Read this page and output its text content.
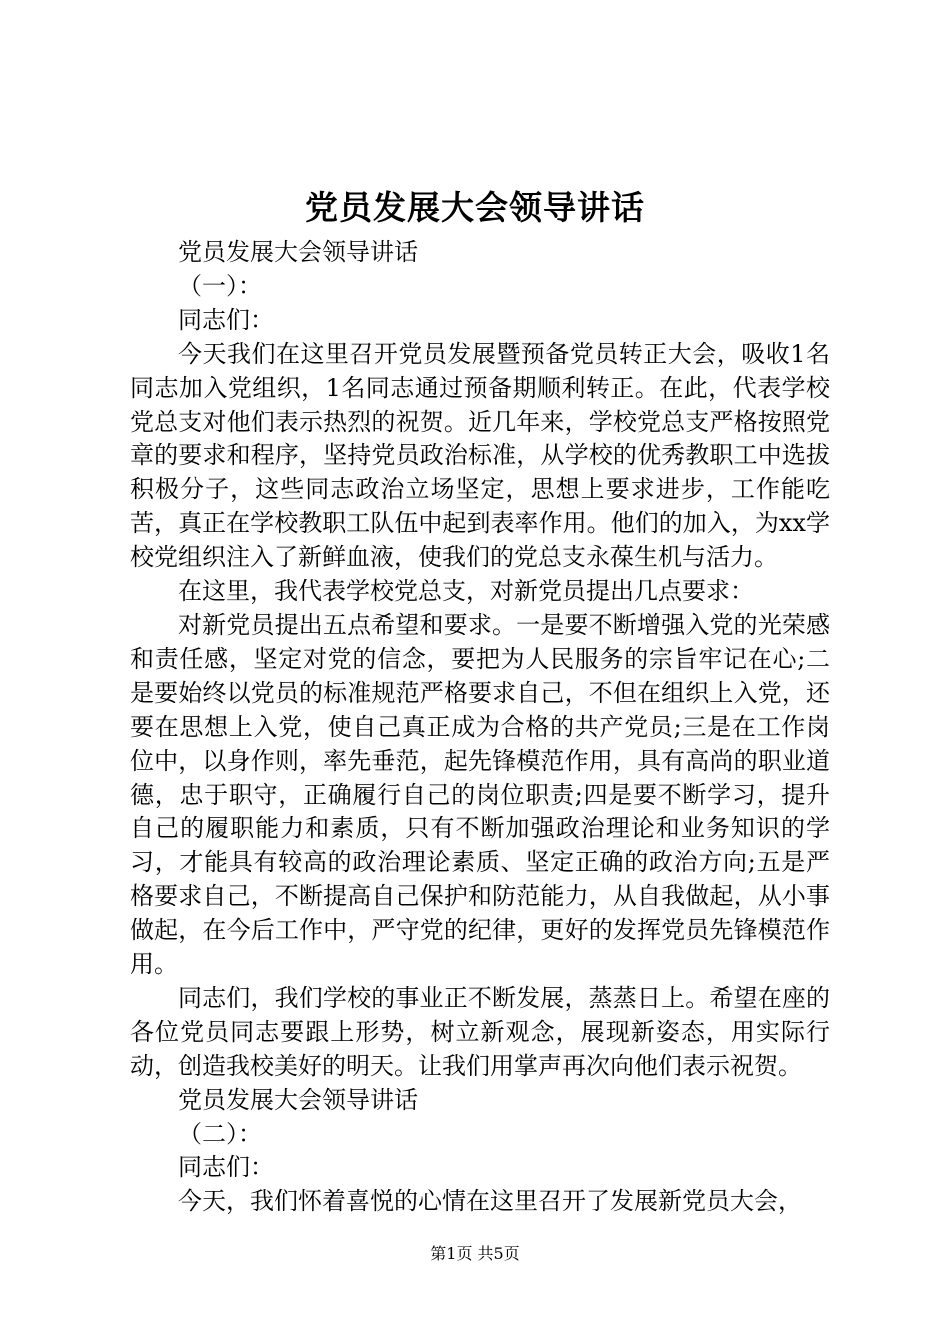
党员发展大会领导讲话

党员发展大会领导讲话

（一）：

同志们：

今天我们在这里召开党员发展暨预备党员转正大会，吸收1名同志加入党组织，1名同志通过预备期顺利转正。在此，代表学校党总支对他们表示热烈的祝贺。近几年来，学校党总支严格按照党章的要求和程序，坚持党员政治标准，从学校的优秀教职工中选拔积极分子，这些同志政治立场坚定，思想上要求进步，工作能吃苦，真正在学校教职工队伍中起到表率作用。他们的加入，为xx学校党组织注入了新鲜血液，使我们的党总支永葆生机与活力。

在这里，我代表学校党总支，对新党员提出几点要求：

对新党员提出五点希望和要求。一是要不断增强入党的光荣感和责任感，坚定对党的信念，要把为人民服务的宗旨牢记在心;二是要始终以党员的标准规范严格要求自己，不但在组织上入党，还要在思想上入党，使自己真正成为合格的共产党员;三是在工作岗位中，以身作则，率先垂范，起先锋模范作用，具有高尚的职业道德，忠于职守，正确履行自己的岗位职责;四是要不断学习，提升自己的履职能力和素质，只有不断加强政治理论和业务知识的学习，才能具有较高的政治理论素质、坚定正确的政治方向;五是严格要求自己，不断提高自己保护和防范能力，从自我做起，从小事做起，在今后工作中，严守党的纪律，更好的发挥党员先锋模范作用。

同志们，我们学校的事业正不断发展，蒸蒸日上。希望在座的各位党员同志要跟上形势，树立新观念，展现新姿态，用实际行动，创造我校美好的明天。让我们用掌声再次向他们表示祝贺。

党员发展大会领导讲话

（二）：

同志们：

今天，我们怀着喜悦的心情在这里召开了发展新党员大会，

第1页 共5页
